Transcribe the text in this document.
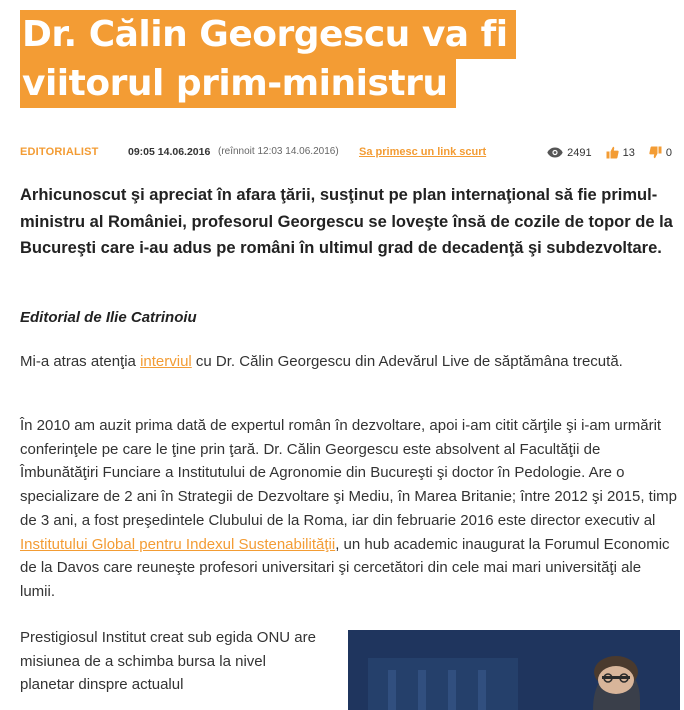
Dr. Călin Georgescu va fi
viitorul prim-ministru
EDITORIALIST	09:05 14.06.2016 (reînnoit 12:03 14.06.2016) Sa primesc un link scurt	2491	13	0

Arhicunoscut şi apreciat în afara ţării, susţinut pe plan internaţional să fie primul-ministru al României, profesorul Georgescu se loveşte însă de cozile de topor de la Bucureşti care i-au adus pe români în ultimul grad de decadenţă şi subdezvoltare.

Editorial de Ilie Catrinoiu

Mi-a atras atenţia interviul cu Dr. Călin Georgescu din Adevărul Live de săptămâna trecută.

În 2010 am auzit prima dată de expertul român în dezvoltare, apoi i-am citit cărţile şi i-am urmărit conferinţele pe care le ţine prin ţară. Dr. Călin Georgescu este absolvent al Facultăţii de Îmbunătăţiri Funciare a Institutului de Agronomie din Bucureşti şi doctor în Pedologie. Are o specializare de 2 ani în Strategii de Dezvoltare şi Mediu, în Marea Britanie; între 2012 şi 2015, timp de 3 ani, a fost preşedintele Clubului de la Roma, iar din februarie 2016 este director executiv al Institutului Global pentru Indexul Sustenabilităţii, un hub academic inaugurat la Forumul Economic de la Davos care reuneşte profesori universitari şi cercetători din cele mai mari universităţi ale lumii.

Prestigiosul Institut creat sub egida ONU are misiunea de a schimba bursa la nivel planetar dinspre actualul
